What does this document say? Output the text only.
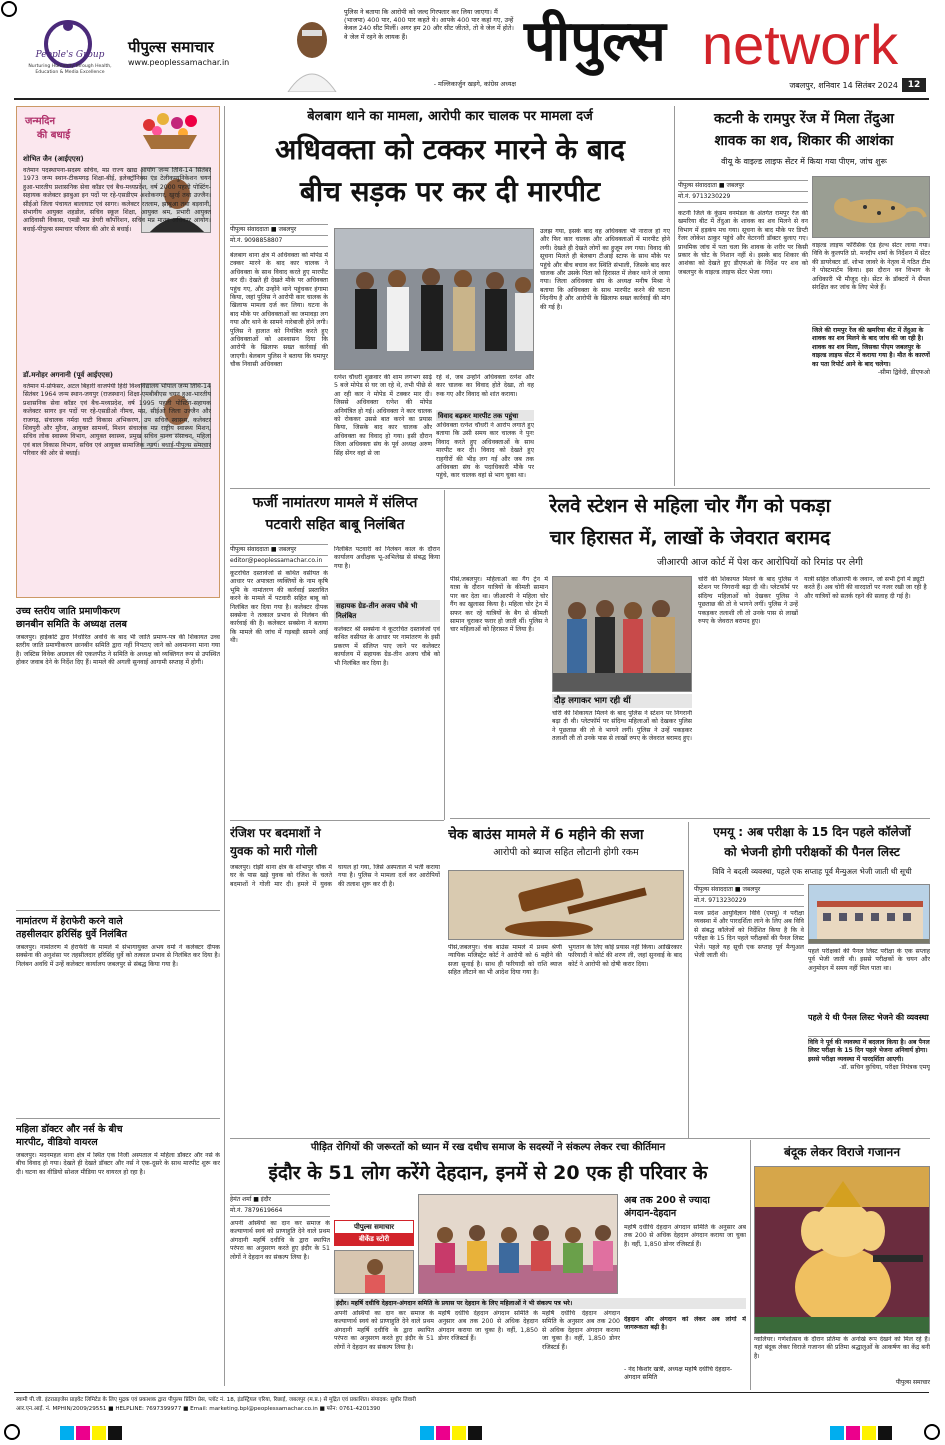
People's Group
Nurturing Humanity through Health, Education & Media Excellence
पीपुल्स समाचार
www.peoplessamachar.in
पुलिस ने बताया कि आरोपी को जल्द गिरफ्तार कर लिया जाएगा। मैं (भाजपा) 400 पार, 400 पार कहते थे। आपके 400 पार कहां गए, उन्हें केवल 240 सीट मिलीं। अगर हम 20 और सीट जीतते, तो वे जेल में होते। वे जेल में रहने के लायक हैं।
- मल्लिकार्जुन खड़गे, कांग्रेस अध्यक्ष
पीपुल्स network
जबलपुर, शनिवार 14 सितंबर 2024	12
जन्मदिन
की बधाई
शोभित जैन (आईएएस)
वर्तमान पदस्थापना-सदस्य सचिव, मप्र राज्य खाद्य आयोग जन्म तिथि-14 सितंबर 1973 जन्म स्थान-टीकमगढ़ शिक्षा-बीई, इलेक्ट्रॉनिक्स एंड टेलीकम्युनिकेशन चयन हुआ-भारतीय प्रशासनिक सेवा कॉडर एवं बैच-मध्यप्रदेश, वर्ष 2000 पहली पोस्टिंग-सहायक कलेक्टर झाबुआ इन पदों पर रहे-एसडीएम अशोकनगर, खुरई तथा उज्जैन। सीईओ जिला पंचायत बालाघाट एवं सागर। कलेक्टर रतलाम, झाबुआ तथा बड़वानी, संभागीय आयुक्त शहडोल, सचिव स्कूल शिक्षा, आयुक्त श्रम, प्रभारी आयुक्त आदिवासी विकास, एमडी मप्र डेयरी कॉर्पोरेशन, सचिव मप्र मानव अधिकार आयोग। बधाई-पीपुल्स समाचार परिवार की ओर से बधाई।
डॉ.मनोहर अगनानी (पूर्व आईएएस)
वर्तमान में-प्रोफेसर, अटल बिहारी वाजपेयी हिंदी विश्वविद्यालय भोपाल जन्म तिथि-14 सितंबर 1964 जन्म स्थान-जयपुर (राजस्थान) शिक्षा-एमबीबीएस चयन हुआ-भारतीय प्रशासनिक सेवा कॉडर एवं बैच-मध्यप्रदेश, वर्ष 1995 पहली पोस्टिंग-सहायक कलेक्टर सागर इन पदों पर रहे-एसडीओ नीमच, मप्र, सीईओ जिला उज्जैन और राजगढ़, संचालक नर्मदा घाटी विकास अभिकरण, उप सचिव स्वास्थ्य, कलेक्टर शिवपुरी और मुरैना, आयुक्त सामर्थ्य, मिशन संचालक मप्र राष्ट्रीय स्वास्थ्य मिशन, सचिव लोक स्वास्थ्य विभाग, आयुक्त स्वास्थ्य, प्रमुख सचिव मानव संसाधन, महिला एवं बाल विकास विभाग, सचिव एवं आयुक्त सामाजिक न्याय। बधाई-पीपुल्स समाचार परिवार की ओर से बधाई।
उच्च स्तरीय जाति प्रमाणीकरण
छानबीन समिति के अध्यक्ष तलब
जबलपुर। हाईकोर्ट द्वारा निर्धारित अवधि के बाद भी जाति प्रमाण-पत्र की शिकायत उच्च स्तरीय जाति प्रमाणीकरण छानबीन समिति द्वारा नहीं निपटाए जाने को अवमानना माना गया है। जस्टिस विवेक अग्रवाल की एकलपीठ ने समिति के अध्यक्ष को व्यक्तिगत रूप से उपस्थित होकर जवाब देने के निर्देश दिए हैं। मामले की अगली सुनवाई आगामी सप्ताह में होगी।
नामांतरण में हेराफेरी करने वाले
तहसीलदार हरिसिंह धुर्वे निलंबित
जबलपुर। नामांतरण में हेराफेरी के मामले में संभागायुक्त अभय वर्मा ने कलेक्टर दीपक सक्सेना की अनुशंसा पर तहसीलदार हरिसिंह धुर्वे को तत्काल प्रभाव से निलंबित कर दिया है। निलंबन अवधि में उन्हें कलेक्टर कार्यालय जबलपुर से संबद्ध किया गया है।
महिला डॉक्टर और नर्स के बीच
मारपीट, वीडियो वायरल
जबलपुर। मदनमहल थाना क्षेत्र में स्थित एक निजी अस्पताल में महिला डॉक्टर और नर्स के बीच विवाद हो गया। देखते ही देखते डॉक्टर और नर्स ने एक-दूसरे के साथ मारपीट शुरू कर दी। घटना का वीडियो सोशल मीडिया पर वायरल हो रहा है।
बेलबाग थाने का मामला, आरोपी कार चालक पर मामला दर्ज
अधिवक्ता को टक्कर मारने के बाद
बीच सड़क पर कर दी मारपीट
पीपुल्स संवाददाता ■ जबलपुर
मो.नं. 9098858807
बेलबाग थाना क्षेत्र में अधिवक्ता को मोपेड में टक्कर मारने के बाद कार चालक ने अधिवक्ता के साथ विवाद करते हुए मारपीट कर दी। देखते ही देखते मौके पर अधिवक्ता पहुंच गए, और उन्होंने थाने पहुंचकर हंगामा किया, जहां पुलिस ने आरोपी कार चालक के खिलाफ मामला दर्ज कर लिया। घटना के बाद मौके पर अधिवक्ताओं का जमावड़ा लग गया और थाने के सामने नारेबाजी होने लगी। पुलिस ने हालात को नियंत्रित करते हुए अधिवक्ताओं को आश्वासन दिया कि आरोपी के खिलाफ सख्त कार्रवाई की जाएगी। बेलबाग पुलिस ने बताया कि घमापुर चौक निवासी अधिवक्ता
रत्नेश चौधरी शुक्रवार की शाम लगभग साढ़े 5 बजे मोपेड से घर जा रहे थे, तभी पीछे से आ रही कार ने मोपेड में टक्कर मार दी। जिससे अधिवक्ता रत्नेश की मोपेड अनियंत्रित हो गई। अधिवक्ता ने कार चालक को रोककर उससे बात करने का प्रयास किया, जिसके बाद कार चालक और अधिवक्ता का विवाद हो गया। इसी दौरान जिला अधिवक्ता संघ के पूर्व अध्यक्ष अरुण सिंह सेंगर वहां से जा
रहे थे, जब उन्होंने अधिवक्ता रत्नेश और कार चालक का विवाद होते देखा, तो वह रुक गए और विवाद को शांत कराया।
विवाद बढ़कर मारपीट तक पहुंचा
अधिवक्ता रत्नेश चौधरी ने आरोप लगाते हुए बताया कि उसी समय कार चालक ने पुनः विवाद करते हुए अधिवक्ताओं के साथ मारपीट कर दी। विवाद को देखते हुए राहगीरों की भीड़ लग गई और जब तक अधिवक्ता संघ के पदाधिकारी मौके पर पहुंचे, कार चालक वहां से भाग चुका था।
उलझ गया, इसके बाद वह अधिवक्ता भी नाराज हो गए और फिर कार चालक और अधिवक्ताओं में मारपीट होने लगी। देखते ही देखते लोगों का हुजूम लग गया। विवाद की सूचना मिलते ही बेलबाग टीआई स्टाफ के साथ मौके पर पहुंचे और बीच बचाव कर स्थिति संभाली, जिसके बाद कार चालक और उसके पिता को हिरासत में लेकर थाने ले जाया गया। जिला अधिवक्ता संघ के अध्यक्ष मनीष मिश्रा ने बताया कि अधिवक्ता के साथ मारपीट करने की घटना निंदनीय है और आरोपी के खिलाफ सख्त कार्रवाई की मांग की गई है।
कटनी के रामपुर रेंज में मिला तेंदुआ
शावक का शव, शिकार की आशंका
वीयू के वाइल्ड लाइफ सेंटर में किया गया पीएम, जांच शुरू
पीपुल्स संवाददाता ■ जबलपुर
मो.नं. 9713230229
कटनी जिले के कुंडम वनमंडल के अंतर्गत रामपुर रेंज की खमरिया बीट में तेंदुआ के शावक का शव मिलने से वन विभाग में हड़कंप मच गया। सूचना के बाद मौके पर डिप्टी रेंजर लोकेश ठाकुर पहुंचे और वेटरनरी डॉक्टर बुलाए गए। प्राथमिक जांच में पता चला कि शावक के शरीर पर किसी प्रकार के चोट के निशान नहीं थे। इसके बाद शिकार की आशंका को देखते हुए डीएफओ के निर्देश पर शव को जबलपुर के वाइल्ड लाइफ सेंटर भेजा गया।
वाइल्ड लाइफ फॉरेंसिक एंड हेल्थ सेंटर लाया गया। विवि के कुलपति प्रो. मनदीप शर्मा के निर्देशन में सेंटर की डायरेक्टर डॉ. शोभा जावरे के नेतृत्व में गठित टीम ने पोस्टमार्टम किया। इस दौरान वन विभाग के अधिकारी भी मौजूद रहे। सेंटर के डॉक्टरों ने सैंपल संरक्षित कर जांच के लिए भेजे हैं।
जिले की रामपुर रेंज की खमरिया बीट में तेंदुआ के शावक का शव मिलने के बाद जांच की जा रही है। शावक का शव मिला, जिसका पीएम जबलपुर के वाइल्ड लाइफ सेंटर में कराया गया है। मौत के कारणों का पता रिपोर्ट आने के बाद चलेगा।
-सीमा द्विवेदी, डीएफओ
फर्जी नामांतरण मामले में संलिप्त
पटवारी सहित बाबू निलंबित
पीपुल्स संवाददाता ■ जबलपुर
editor@peoplessamachar.co.in
कूटरचित दस्तावेजों से कथित वसीयत के आधार पर अपात्रता व्यक्तियों के नाम कृषि भूमि के नामांतरण की कार्रवाई प्रस्तावित करने के मामले में पटवारी सहित बाबू को निलंबित कर दिया गया है। कलेक्टर दीपक सक्सेना ने तत्काल प्रभाव से निलंबन की कार्रवाई की है। कलेक्टर सक्सेना ने बताया कि मामले की जांच में गड़बड़ी सामने आई थी।
निलंबित पटवारी को निलंबन काल के दौरान कार्यालय अधीक्षक भू-अभिलेख से संबद्ध किया गया है।
सहायक ग्रेड-तीन अजय चौबे भी निलंबित
कलेक्टर श्री सक्सेना ने कूटरचित दस्तावेजों एवं कथित वसीयत के आधार पर नामांतरण के इसी प्रकरण में संलिप्त पाए जाने पर कलेक्टर कार्यालय में सहायक ग्रेड-तीन अजय चौबे को भी निलंबित कर दिया है।
रंजिश पर बदमाशों ने
युवक को मारी गोली
जबलपुर। रांझी थाना क्षेत्र के शोभापुर चौक में घर के पास खड़े युवक को रंजिश के चलते बदमाशों ने गोली मार दी। हमले में युवक घायल हो गया, जिसे अस्पताल में भर्ती कराया गया है। पुलिस ने मामला दर्ज कर आरोपियों की तलाश शुरू कर दी है।
रेलवे स्टेशन से महिला चोर गैंग को पकड़ा
चार हिरासत में, लाखों के जेवरात बरामद
जीआरपी आज कोर्ट में पेश कर आरोपियों को रिमांड पर लेगी
पीसं,जबलपुर। महिलाओं का गैंग ट्रेन में यात्रा के दौरान यात्रियों के कीमती सामान पार कर देता था। जीआरपी ने महिला चोर गैंग का खुलासा किया है। महिला चोर ट्रेन में सफर कर रहे यात्रियों के बैग से कीमती सामान चुराकर फरार हो जाती थीं। पुलिस ने चार महिलाओं को हिरासत में लिया है।
दौड़ लगाकर भाग रही थीं
चोरी की शिकायत मिलने के बाद पुलिस ने स्टेशन पर निगरानी बढ़ा दी थी। प्लेटफॉर्म पर संदिग्ध महिलाओं को देखकर पुलिस ने पूछताछ की तो वे भागने लगीं। पुलिस ने उन्हें पकड़कर तलाशी ली तो उनके पास से लाखों रुपए के जेवरात बरामद हुए।
चोरी की शिकायत मिलने के बाद पुलिस ने स्टेशन पर निगरानी बढ़ा दी थी। प्लेटफॉर्म पर संदिग्ध महिलाओं को देखकर पुलिस ने पूछताछ की तो वे भागने लगीं। पुलिस ने उन्हें पकड़कर तलाशी ली तो उनके पास से लाखों रुपए के जेवरात बरामद हुए।
यात्री सहित जीआरपी के जवान, जो सभी ट्रेनों में ड्यूटी करते हैं। अब चोरी की वारदातों पर नजर रखी जा रही है और यात्रियों को सतर्क रहने की सलाह दी गई है।
चेक बाउंस मामले में 6 महीने की सजा
आरोपी को ब्याज सहित लौटानी होगी रकम
पीसं,जबलपुर। चेक बाउंस मामले में प्रथम श्रेणी न्यायिक मजिस्ट्रेट कोर्ट ने आरोपी को 6 महीने की सजा सुनाई है। साथ ही फरियादी को राशि ब्याज सहित लौटाने का भी आदेश दिया गया है।
भुगतान के लिए कोई प्रयास नहीं किया। आखिरकार फरियादी ने कोर्ट की शरण ली, जहां सुनवाई के बाद कोर्ट ने आरोपी को दोषी करार दिया।
एमयू : अब परीक्षा के 15 दिन पहले कॉलेजों
को भेजनी होगी परीक्षकों की पैनल लिस्ट
विवि ने बदली व्यवस्था, पहले एक सप्ताह पूर्व मैन्युअल भेजी जाती थी सूची
पीपुल्स संवाददाता ■ जबलपुर
मो.नं. 9713230229
मध्य प्रदेश आयुर्विज्ञान विवि (एमयू) ने परीक्षा व्यवस्था में और पारदर्शिता लाने के लिए अब विवि से संबद्ध कॉलेजों को निर्देशित किया है कि वे परीक्षा के 15 दिन पहले परीक्षकों की पैनल लिस्ट भेजें। पहले यह सूची एक सप्ताह पूर्व मैन्युअल भेजी जाती थी।
पहले परीक्षकों की पैनल लिस्ट परीक्षा के एक सप्ताह पूर्व भेजी जाती थी। इससे परीक्षकों के चयन और अनुमोदन में समय नहीं मिल पाता था।
पहले ये थी पैनल लिस्ट भेजने की व्यवस्था
विवि ने पूर्व की व्यवस्था में बदलाव किया है। अब पैनल लिस्ट परीक्षा के 15 दिन पहले भेजना अनिवार्य होगा। इससे परीक्षा व्यवस्था में पारदर्शिता आएगी।
-डॉ. सचिन कुचिया, परीक्षा नियंत्रक एमयू
पीड़ित रोगियों की जरूरतों को ध्यान में रख दधीच समाज के सदस्यों ने संकल्प लेकर रचा कीर्तिमान
इंदौर के 51 लोग करेंगे देहदान, इनमें से 20 एक ही परिवार के
हेमंत शर्मा ■ इंदौर
मो.नं. 7879619664
अपनी अस्थियों का दान कर समाज के कल्याणार्थ स्वयं को प्राणाहुति देने वाले प्रथम अंगदानी महर्षि दधीचि के द्वारा स्थापित परंपरा का अनुसरण करते हुए इंदौर के 51 लोगों ने देहदान का संकल्प लिया है।
पीपुल्स समाचार
बीकेंड स्टोरी
इंदौर। महर्षि दधीचि देहदान-अंगदान समिति के प्रयास पर देहदान के लिए महिलाओं ने भी संकल्प पत्र भरे।
अपनी अस्थियों का दान कर समाज के कल्याणार्थ स्वयं को प्राणाहुति देने वाले प्रथम अंगदानी महर्षि दधीचि के द्वारा स्थापित परंपरा का अनुसरण करते हुए इंदौर के 51 लोगों ने देहदान का संकल्प लिया है।
महर्षि दधीचि देहदान अंगदान समिति के अनुसार अब तक 200 से अधिक देहदान अंगदान कराया जा चुका है। वहीं, 1,850 डोनर रजिस्टर्ड हैं।
महर्षि दधीचि देहदान अंगदान समिति के अनुसार अब तक 200 से अधिक देहदान अंगदान कराया जा चुका है। वहीं, 1,850 डोनर रजिस्टर्ड हैं।
अब तक 200 से ज्यादा
अंगदान-देहदान
महर्षि दधीचि देहदान अंगदान समिति के अनुसार अब तक 200 से अधिक देहदान अंगदान कराया जा चुका है। वहीं, 1,850 डोनर रजिस्टर्ड हैं।
देहदान और अंगदान को लेकर अब लोगों में जागरूकता बढ़ी है।
- नंद किशोर खत्री, अध्यक्ष महर्षि दधीचि देहदान-अंगदान समिति
बंदूक लेकर विराजे गजानन
ग्वालियर। गणेशोत्सव के दौरान प्रतिमा के अनोखे रूप देखने को मिल रहे हैं। यहां बंदूक लेकर विराजे गजानन की प्रतिमा श्रद्धालुओं के आकर्षण का केंद्र बनी है।
पीपुल्स समाचार
स्वामी पी.जी. इंटरप्राइजेस प्राइवेट लिमिटेड के लिए मुद्रक एवं प्रकाशक द्वारा पीपुल्स प्रिंटिंग प्रेस, प्लॉट नं. 18, इंडस्ट्रियल एरिया, रिछाई, जबलपुर (म.प्र.) से मुद्रित एवं प्रकाशित। संपादक: सुधीर तिवारी
आर.एन.आई. नं. MPHIN/2009/29551 ■ HELPLINE: 7697399977 ■ Email: marketing.bpl@peoplessamachar.co.in ■ फोन: 0761-4201390
